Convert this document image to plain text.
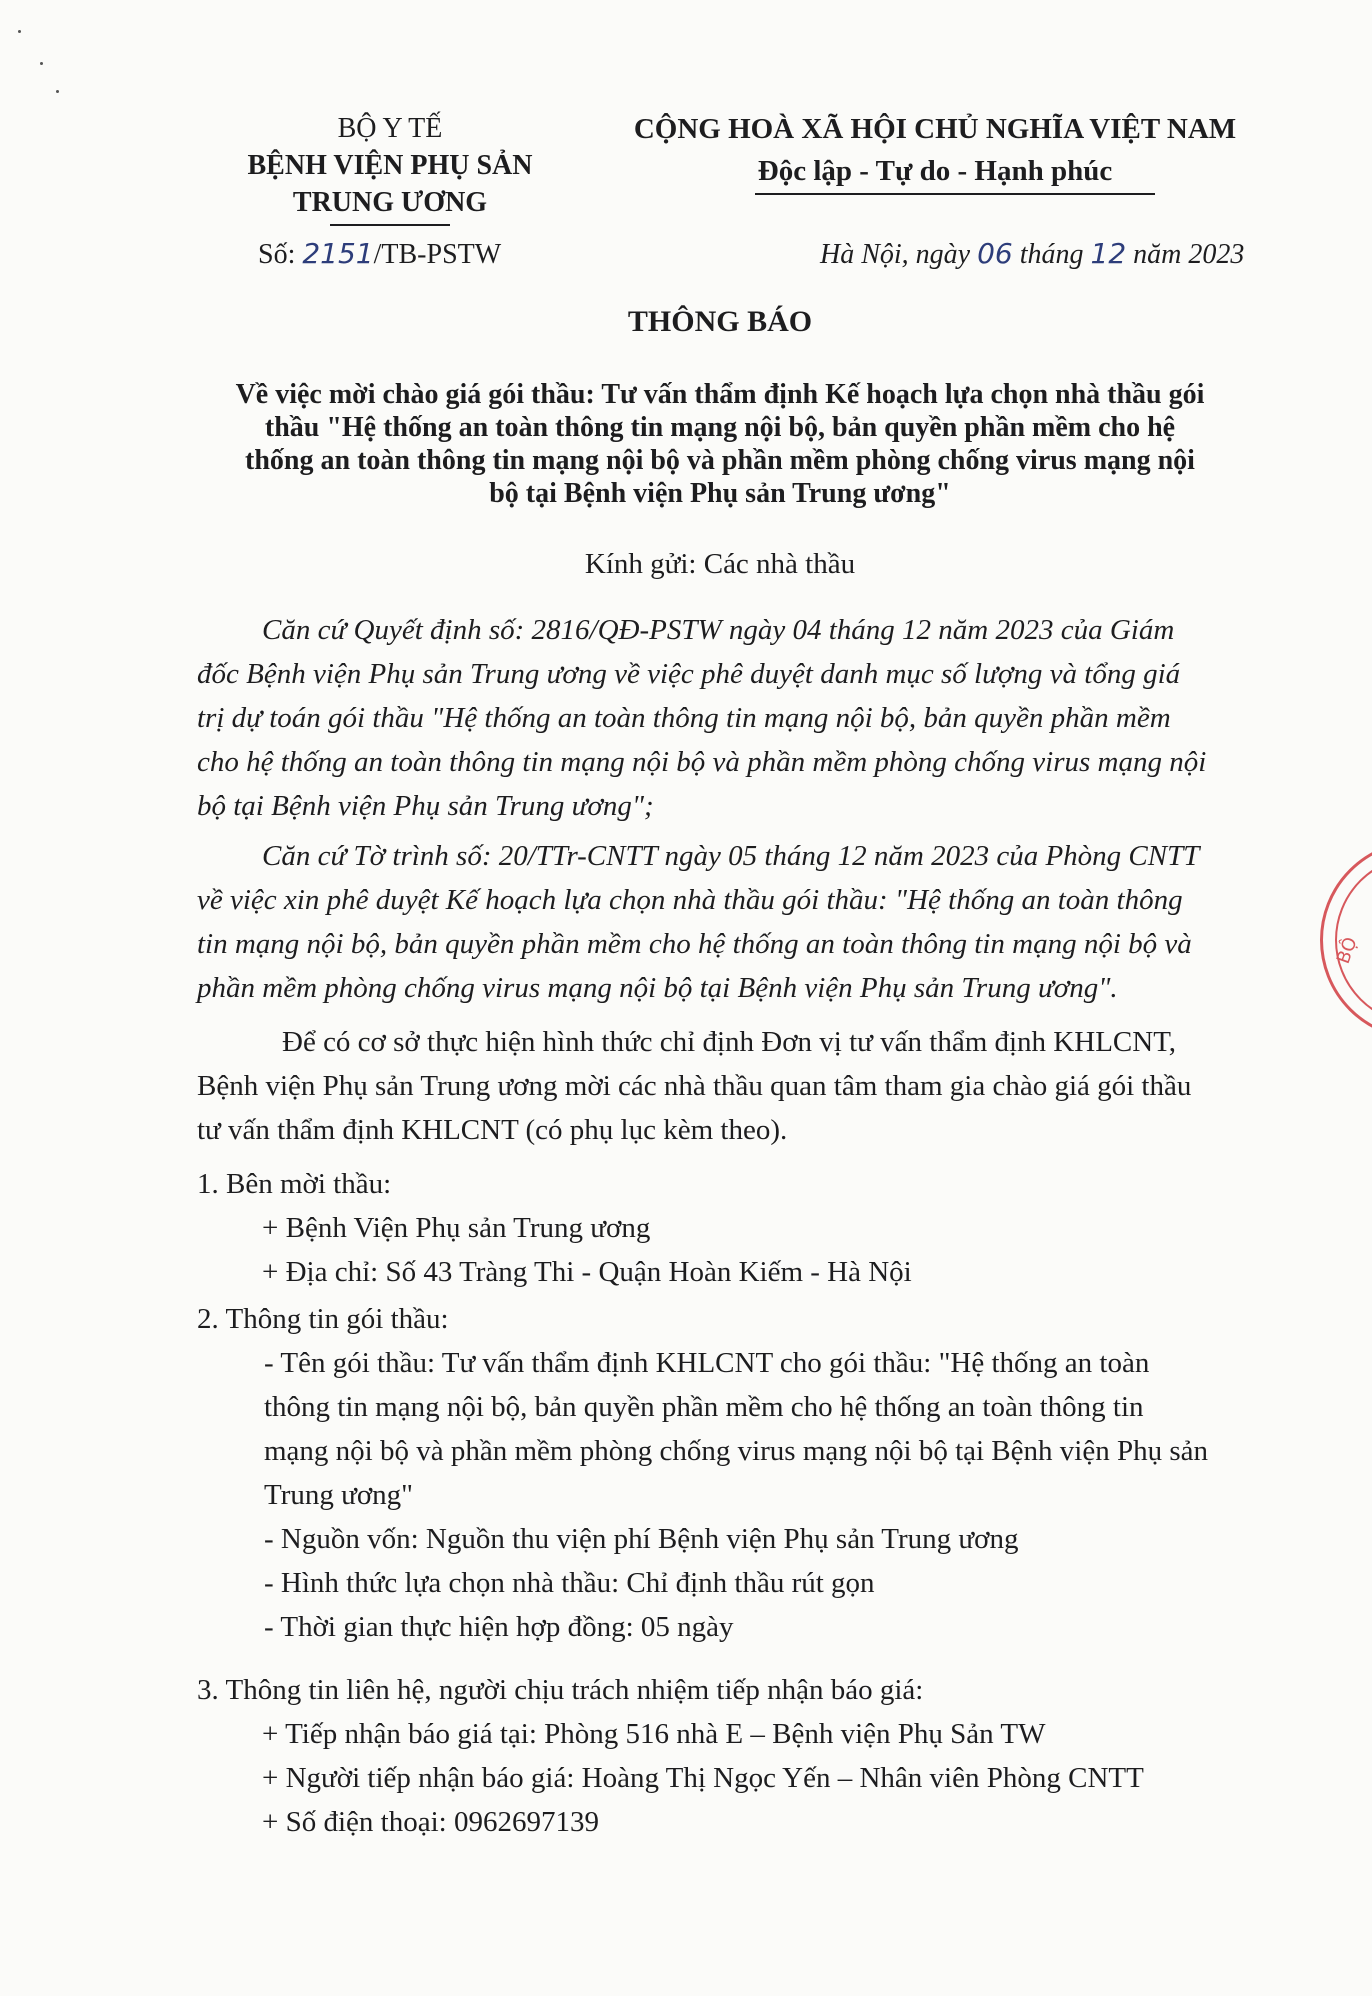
BỘ Y TẾ
BỆNH VIỆN PHỤ SẢN
TRUNG ƯƠNG
Số: 2151/TB-PSTW
CỘNG HOÀ XÃ HỘI CHỦ NGHĨA VIỆT NAM
Độc lập - Tự do - Hạnh phúc
Hà Nội, ngày 06 tháng 12 năm 2023
THÔNG BÁO
Về việc mời chào giá gói thầu: Tư vấn thẩm định Kế hoạch lựa chọn nhà thầu gói
thầu "Hệ thống an toàn thông tin mạng nội bộ, bản quyền phần mềm cho hệ
thống an toàn thông tin mạng nội bộ và phần mềm phòng chống virus mạng nội
bộ tại Bệnh viện Phụ sản Trung ương"
Kính gửi: Các nhà thầu
Căn cứ Quyết định số: 2816/QĐ-PSTW ngày 04 tháng 12 năm 2023 của Giám
đốc Bệnh viện Phụ sản Trung ương về việc phê duyệt danh mục số lượng và tổng giá
trị dự toán gói thầu "Hệ thống an toàn thông tin mạng nội bộ, bản quyền phần mềm
cho hệ thống an toàn thông tin mạng nội bộ và phần mềm phòng chống virus mạng nội
bộ tại Bệnh viện Phụ sản Trung ương";
Căn cứ Tờ trình số: 20/TTr-CNTT ngày 05 tháng 12 năm 2023 của Phòng CNTT
về việc xin phê duyệt Kế hoạch lựa chọn nhà thầu gói thầu: "Hệ thống an toàn thông
tin mạng nội bộ, bản quyền phần mềm cho hệ thống an toàn thông tin mạng nội bộ và
phần mềm phòng chống virus mạng nội bộ tại Bệnh viện Phụ sản Trung ương".
Để có cơ sở thực hiện hình thức chỉ định Đơn vị tư vấn thẩm định KHLCNT,
Bệnh viện Phụ sản Trung ương mời các nhà thầu quan tâm tham gia chào giá gói thầu
tư vấn thẩm định KHLCNT (có phụ lục kèm theo).
1. Bên mời thầu:
+ Bệnh Viện Phụ sản Trung ương
+ Địa chỉ: Số 43 Tràng Thi - Quận Hoàn Kiếm - Hà Nội
2. Thông tin gói thầu:
- Tên gói thầu: Tư vấn thẩm định KHLCNT cho gói thầu: "Hệ thống an toàn
thông tin mạng nội bộ, bản quyền phần mềm cho hệ thống an toàn thông tin
mạng nội bộ và phần mềm phòng chống virus mạng nội bộ tại Bệnh viện Phụ sản
Trung ương"
- Nguồn vốn: Nguồn thu viện phí Bệnh viện Phụ sản Trung ương
- Hình thức lựa chọn nhà thầu: Chỉ định thầu rút gọn
- Thời gian thực hiện hợp đồng: 05 ngày
3. Thông tin liên hệ, người chịu trách nhiệm tiếp nhận báo giá:
+ Tiếp nhận báo giá tại: Phòng 516 nhà E – Bệnh viện Phụ Sản TW
+ Người tiếp nhận báo giá: Hoàng Thị Ngọc Yến – Nhân viên Phòng CNTT
+ Số điện thoại: 0962697139
BỘ
